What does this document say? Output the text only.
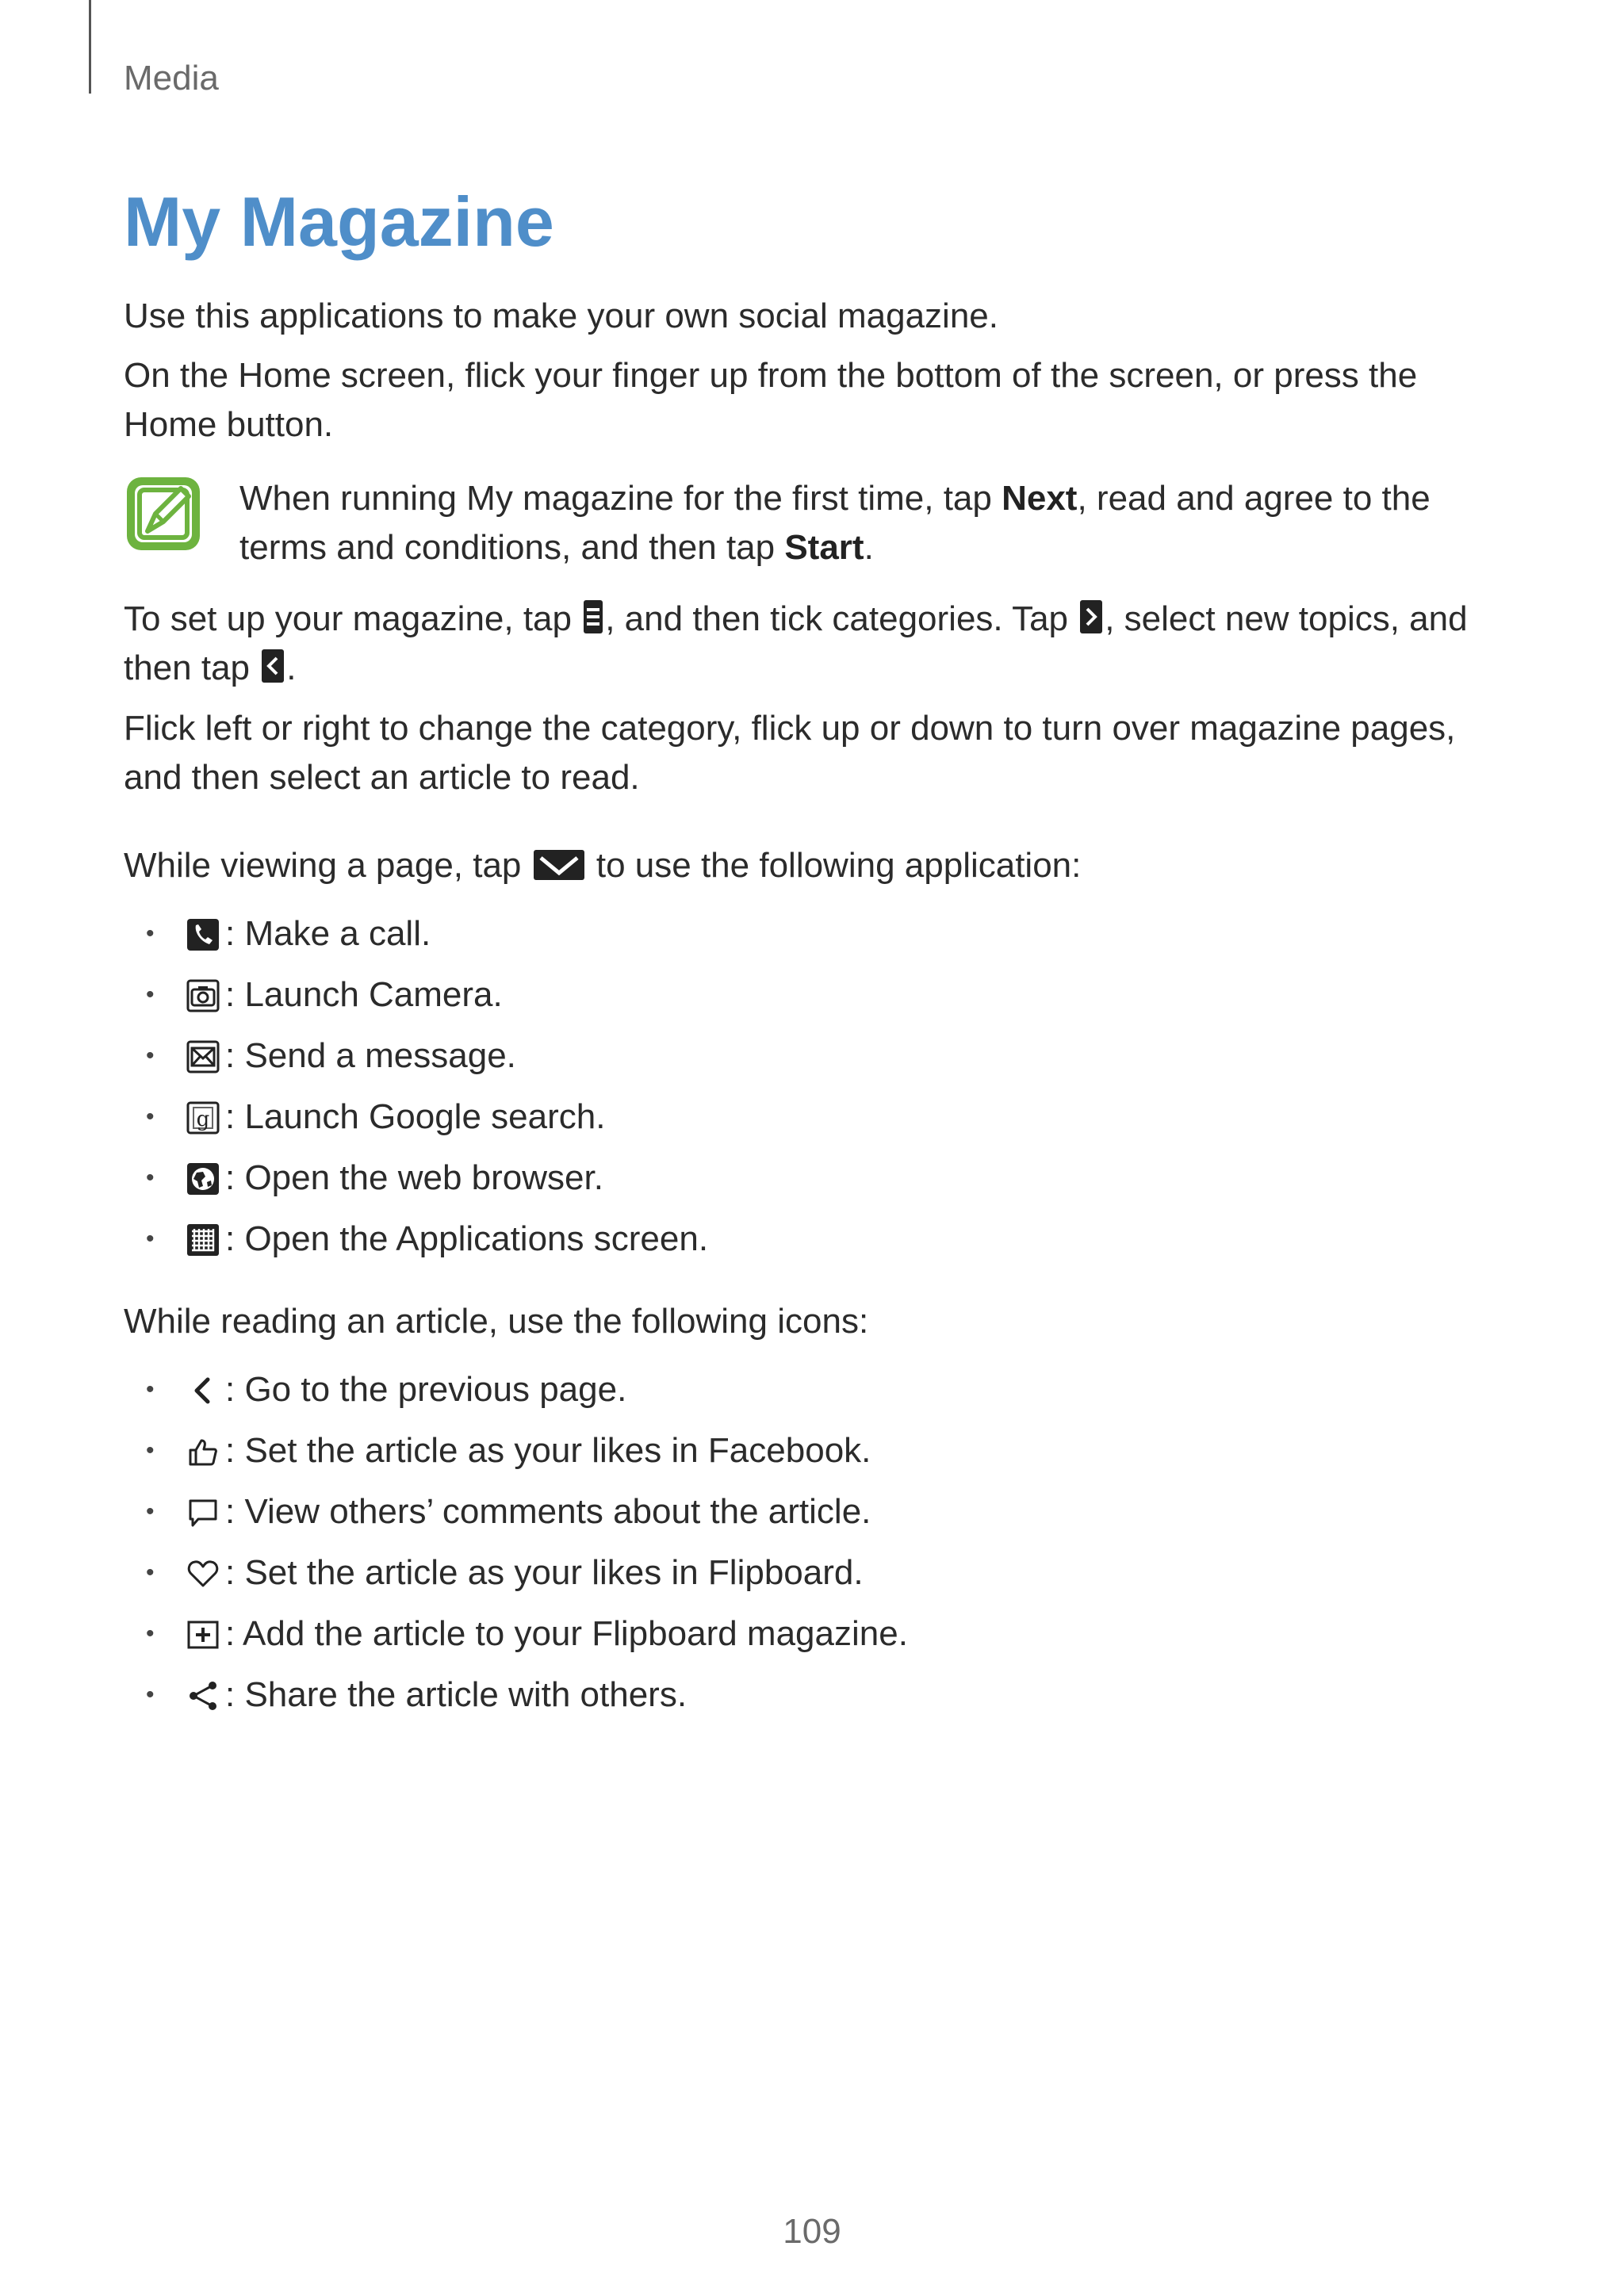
Media
My Magazine

Use this applications to make your own social magazine.

On the Home screen, flick your finger up from the bottom of the screen, or press the Home button.

When running My magazine for the first time, tap Next, read and agree to the terms and conditions, and then tap Start.

To set up your magazine, tap , and then tick categories. Tap , select new topics, and then tap .

Flick left or right to change the category, flick up or down to turn over magazine pages, and then select an article to read.

While viewing a page, tap  to use the following application:

• : Make a call.
• : Launch Camera.
• : Send a message.
• g : Launch Google search.
• : Open the web browser.
• : Open the Applications screen.

While reading an article, use the following icons:

• : Go to the previous page.
• : Set the article as your likes in Facebook.
• : View others’ comments about the article.
• : Set the article as your likes in Flipboard.
• : Add the article to your Flipboard magazine.
• : Share the article with others.
109
